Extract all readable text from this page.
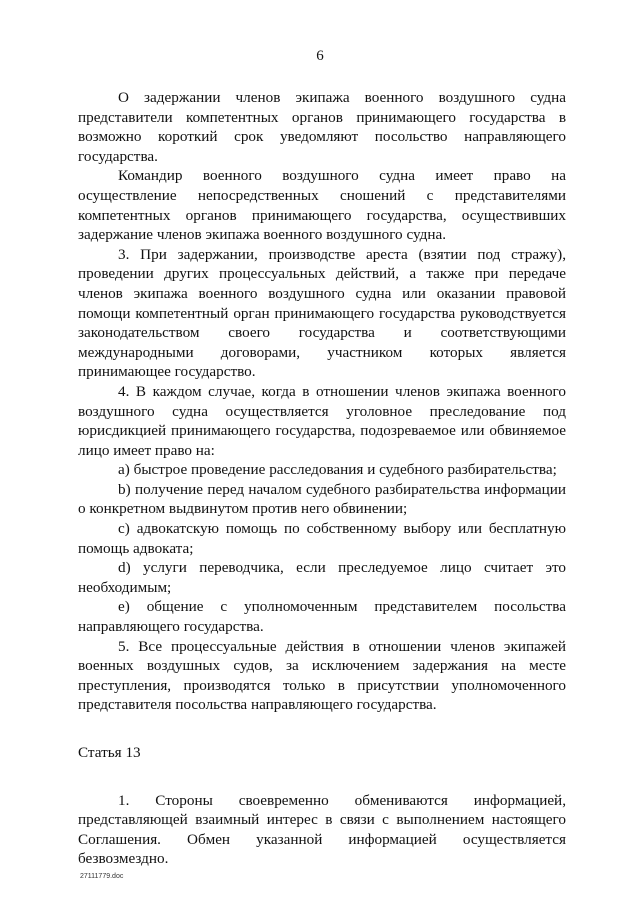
6

О задержании членов экипажа военного воздушного судна представители компетентных органов принимающего государства в возможно короткий срок уведомляют посольство направляющего государства.

Командир военного воздушного судна имеет право на осуществление непосредственных сношений с представителями компетентных органов принимающего государства, осуществивших задержание членов экипажа военного воздушного судна.

3. При задержании, производстве ареста (взятии под стражу), проведении других процессуальных действий, а также при передаче членов экипажа военного воздушного судна или оказании правовой помощи компетентный орган принимающего государства руководствуется законодательством своего государства и соответствующими международными договорами, участником которых является принимающее государство.

4. В каждом случае, когда в отношении членов экипажа военного воздушного судна осуществляется уголовное преследование под юрисдикцией принимающего государства, подозреваемое или обвиняемое лицо имеет право на:

a) быстрое проведение расследования и судебного разбирательства;

b) получение перед началом судебного разбирательства информации о конкретном выдвинутом против него обвинении;

c) адвокатскую помощь по собственному выбору или бесплатную помощь адвоката;

d) услуги переводчика, если преследуемое лицо считает это необходимым;

e) общение с уполномоченным представителем посольства направляющего государства.

5. Все процессуальные действия в отношении членов экипажей военных воздушных судов, за исключением задержания на месте преступления, производятся только в присутствии уполномоченного представителя посольства направляющего государства.

Статья 13

1. Стороны своевременно обмениваются информацией, представляющей взаимный интерес в связи с выполнением настоящего Соглашения. Обмен указанной информацией осуществляется безвозмездно.

27111779.doc
